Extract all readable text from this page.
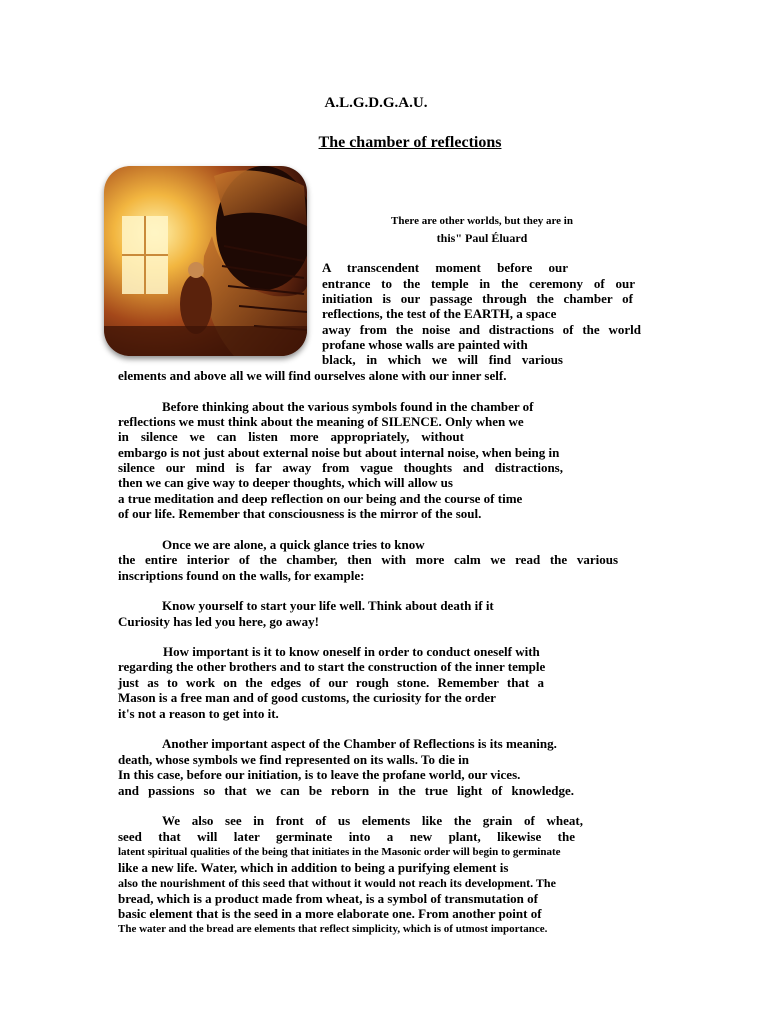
A.L.G.D.G.A.U.
The chamber of reflections
There are other worlds, but they are in
this" Paul Éluard
A transcendent moment before our
entrance to the temple in the ceremony of our
initiation is our passage through the chamber of
reflections, the test of the EARTH, a space
away from the noise and distractions of the world
profane whose walls are painted with
black, in which we will find various
elements and above all we will find ourselves alone with our inner self.
Before thinking about the various symbols found in the chamber of
reflections we must think about the meaning of SILENCE. Only when we
in silence we can listen more appropriately, without
embargo is not just about external noise but about internal noise, when being in
silence our mind is far away from vague thoughts and distractions,
then we can give way to deeper thoughts, which will allow us
a true meditation and deep reflection on our being and the course of time
of our life. Remember that consciousness is the mirror of the soul.
Once we are alone, a quick glance tries to know
the entire interior of the chamber, then with more calm we read the various
inscriptions found on the walls, for example:
Know yourself to start your life well. Think about death if it
Curiosity has led you here, go away!
How important is it to know oneself in order to conduct oneself with
regarding the other brothers and to start the construction of the inner temple
just as to work on the edges of our rough stone. Remember that a
Mason is a free man and of good customs, the curiosity for the order
it's not a reason to get into it.
Another important aspect of the Chamber of Reflections is its meaning.
death, whose symbols we find represented on its walls. To die in
In this case, before our initiation, is to leave the profane world, our vices.
and passions so that we can be reborn in the true light of knowledge.
We also see in front of us elements like the grain of wheat,
seed that will later germinate into a new plant, likewise the
latent spiritual qualities of the being that initiates in the Masonic order will begin to germinate
like a new life. Water, which in addition to being a purifying element is
also the nourishment of this seed that without it would not reach its development. The
bread, which is a product made from wheat, is a symbol of transmutation of
basic element that is the seed in a more elaborate one. From another point of
The water and the bread are elements that reflect simplicity, which is of utmost importance.
